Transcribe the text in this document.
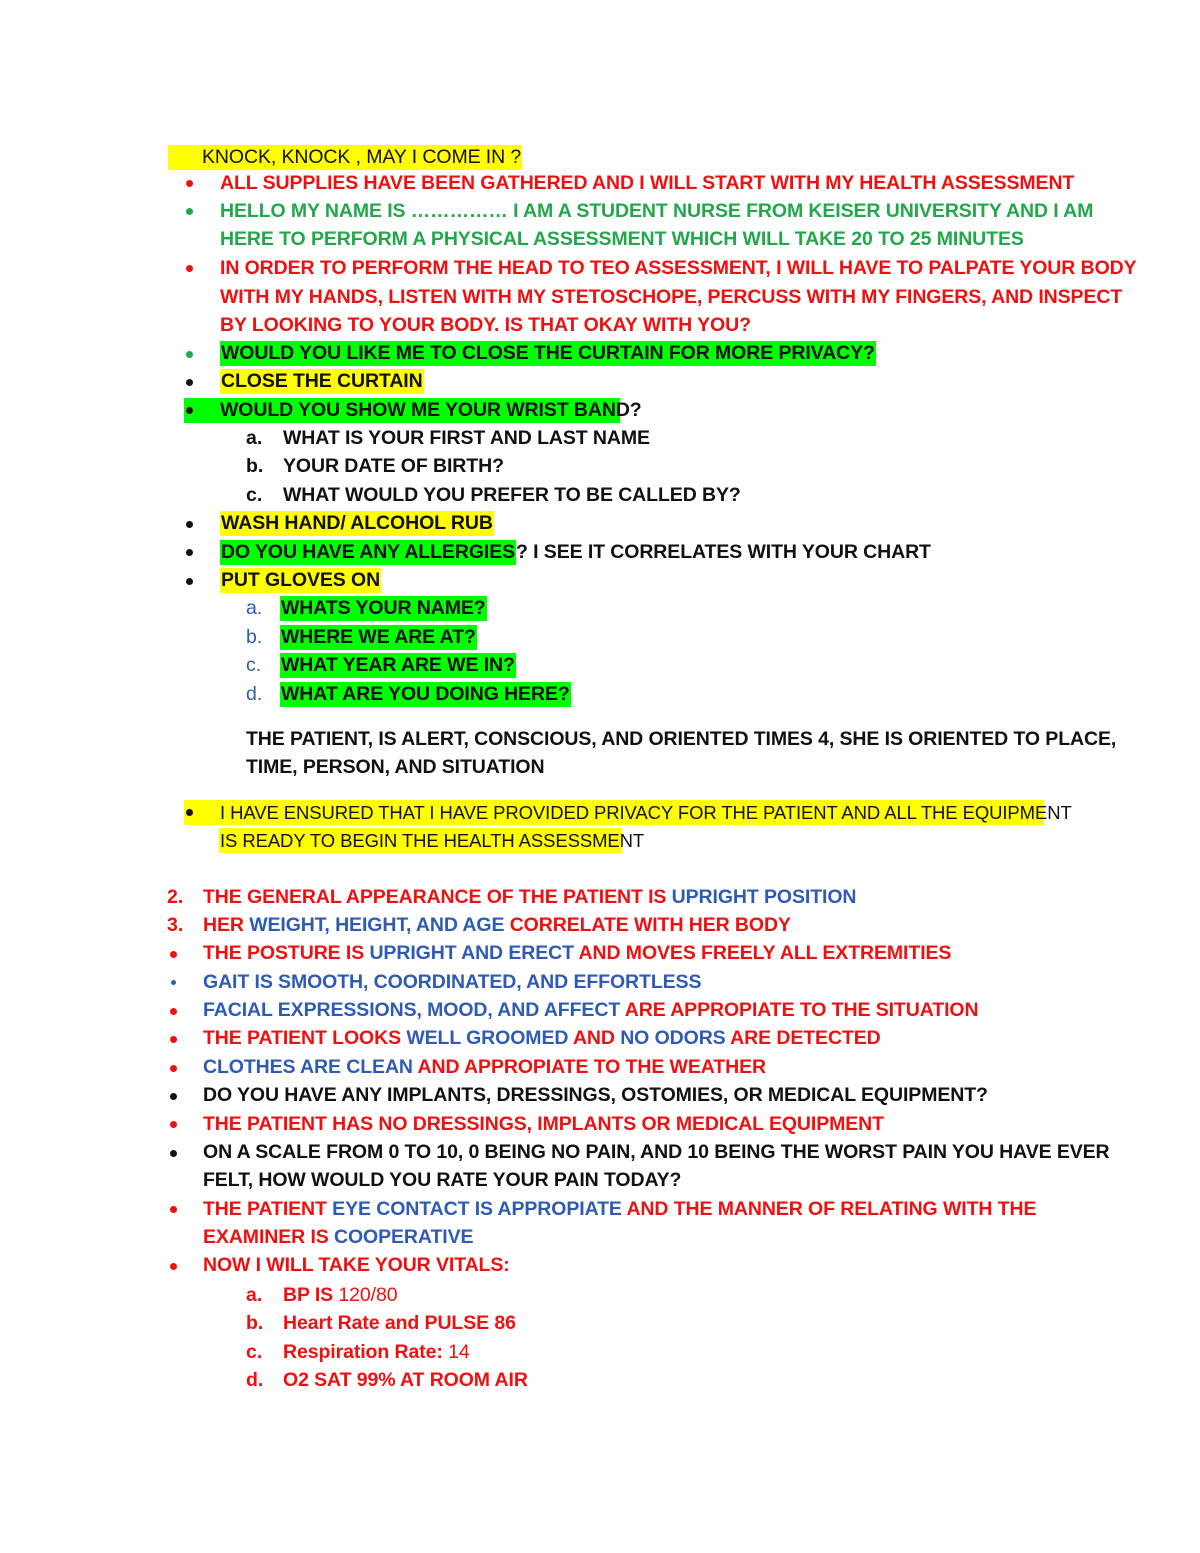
KNOCK, KNOCK , MAY I COME IN ?
ALL SUPPLIES HAVE BEEN GATHERED AND I WILL START WITH MY HEALTH ASSESSMENT
HELLO MY NAME IS …………… I AM A STUDENT NURSE FROM KEISER UNIVERSITY AND I AM
HERE TO PERFORM A PHYSICAL ASSESSMENT WHICH WILL TAKE 20 TO 25 MINUTES
IN ORDER TO PERFORM THE HEAD TO TEO ASSESSMENT, I WILL HAVE TO PALPATE YOUR BODY
WITH MY HANDS, LISTEN WITH MY STETOSCHOPE, PERCUSS WITH MY FINGERS, AND INSPECT
BY LOOKING TO YOUR BODY. IS THAT OKAY WITH YOU?
WOULD YOU LIKE ME TO CLOSE THE CURTAIN FOR MORE PRIVACY?
CLOSE THE CURTAIN
WOULD YOU SHOW ME YOUR WRIST BAND?
a. WHAT IS YOUR FIRST AND LAST NAME
b. YOUR DATE OF BIRTH?
c. WHAT WOULD YOU PREFER TO BE CALLED BY?
WASH HAND/ ALCOHOL RUB
DO YOU HAVE ANY ALLERGIES? I SEE IT CORRELATES WITH YOUR CHART
PUT GLOVES ON
a. WHATS YOUR NAME?
b. WHERE WE ARE AT?
c. WHAT YEAR ARE WE IN?
d. WHAT ARE YOU DOING HERE?
THE PATIENT, IS ALERT, CONSCIOUS, AND ORIENTED TIMES 4, SHE IS ORIENTED TO PLACE,
TIME, PERSON, AND SITUATION
I HAVE ENSURED THAT I HAVE PROVIDED PRIVACY FOR THE PATIENT AND ALL THE EQUIPMENT
IS READY TO BEGIN THE HEALTH ASSESSMENT
2. THE GENERAL APPEARANCE OF THE PATIENT IS UPRIGHT POSITION
3. HER WEIGHT, HEIGHT, AND AGE CORRELATE WITH HER BODY
THE POSTURE IS UPRIGHT AND ERECT AND MOVES FREELY ALL EXTREMITIES
GAIT IS SMOOTH, COORDINATED, AND EFFORTLESS
FACIAL EXPRESSIONS, MOOD, AND AFFECT ARE APPROPIATE TO THE SITUATION
THE PATIENT LOOKS WELL GROOMED AND NO ODORS ARE DETECTED
CLOTHES ARE CLEAN AND APPROPIATE TO THE WEATHER
DO YOU HAVE ANY IMPLANTS, DRESSINGS, OSTOMIES, OR MEDICAL EQUIPMENT?
THE PATIENT HAS NO DRESSINGS, IMPLANTS OR MEDICAL EQUIPMENT
ON A SCALE FROM 0 TO 10, 0 BEING NO PAIN, AND 10 BEING THE WORST PAIN YOU HAVE EVER
FELT, HOW WOULD YOU RATE YOUR PAIN TODAY?
THE PATIENT EYE CONTACT IS APPROPIATE AND THE MANNER OF RELATING WITH THE
EXAMINER IS COOPERATIVE
NOW I WILL TAKE YOUR VITALS:
a. BP IS 120/80
b. Heart Rate and PULSE 86
c. Respiration Rate: 14
d. O2 SAT 99% AT ROOM AIR
